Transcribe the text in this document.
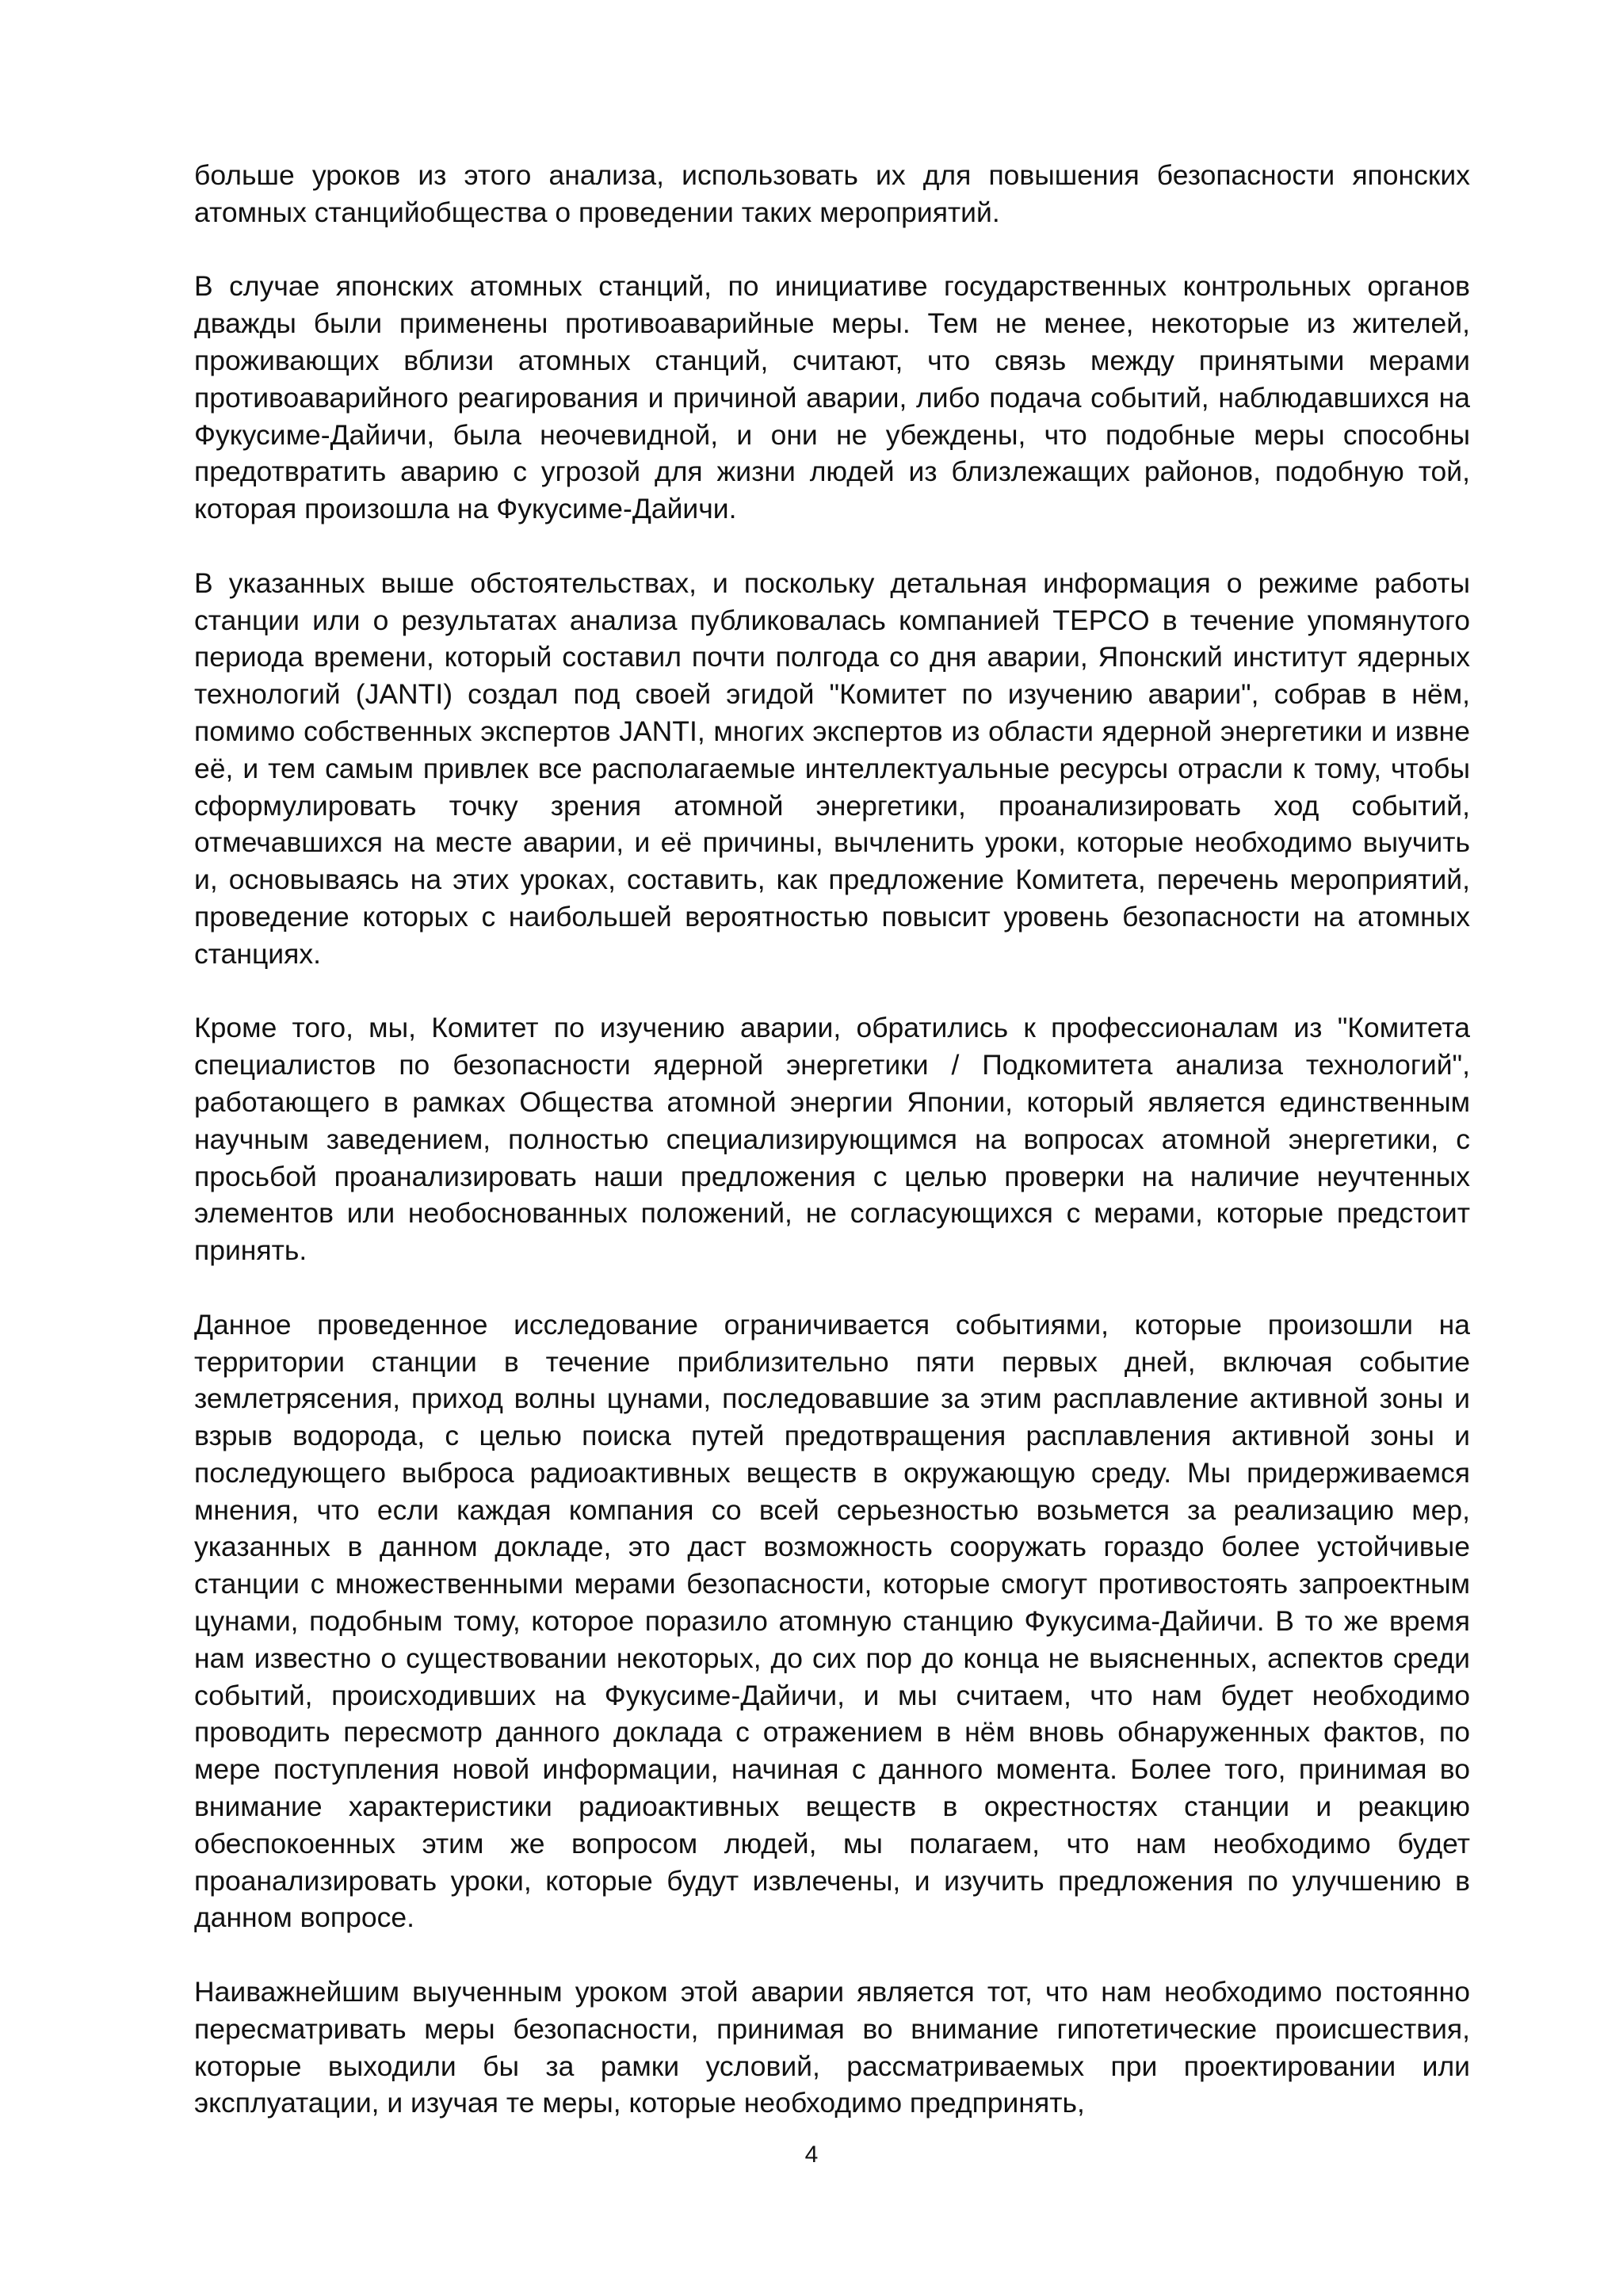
больше уроков из этого анализа, использовать их для повышения безопасности японских атомных станцийобщества о проведении таких мероприятий.

В случае японских атомных станций, по инициативе государственных контрольных органов дважды были применены противоаварийные меры. Тем не менее, некоторые из жителей, проживающих вблизи атомных станций, считают, что связь между принятыми мерами противоаварийного реагирования и причиной аварии, либо подача событий, наблюдавшихся на Фукусиме-Дайичи, была неочевидной, и они не убеждены, что подобные меры способны предотвратить аварию с угрозой для жизни людей из близлежащих районов, подобную той, которая произошла на Фукусиме-Дайичи.

В указанных выше обстоятельствах, и поскольку детальная информация о режиме работы станции или о результатах анализа публиковалась компанией TEPCO в течение упомянутого периода времени, который составил почти полгода со дня аварии, Японский институт ядерных технологий (JANTI) создал под своей эгидой "Комитет по изучению аварии", собрав в нём, помимо собственных экспертов JANTI, многих экспертов из области ядерной энергетики и извне её, и тем самым привлек все располагаемые интеллектуальные ресурсы отрасли к тому, чтобы сформулировать точку зрения атомной энергетики, проанализировать ход событий, отмечавшихся на месте аварии, и её причины, вычленить уроки, которые необходимо выучить и, основываясь на этих уроках, составить, как предложение Комитета, перечень мероприятий, проведение которых с наибольшей вероятностью повысит уровень безопасности на атомных станциях.

Кроме того, мы, Комитет по изучению аварии, обратились к профессионалам из "Комитета специалистов по безопасности ядерной энергетики / Подкомитета анализа технологий", работающего в рамках Общества атомной энергии Японии, который является единственным научным заведением, полностью специализирующимся на вопросах атомной энергетики, с просьбой проанализировать наши предложения с целью проверки на наличие неучтенных элементов или необоснованных положений, не согласующихся с мерами, которые предстоит принять.

Данное проведенное исследование ограничивается событиями, которые произошли на территории станции в течение приблизительно пяти первых дней, включая событие землетрясения, приход волны цунами, последовавшие за этим расплавление активной зоны и взрыв водорода, с целью поиска путей предотвращения расплавления активной зоны и последующего выброса радиоактивных веществ в окружающую среду. Мы придерживаемся мнения, что если каждая компания со всей серьезностью возьмется за реализацию мер, указанных в данном докладе, это даст возможность сооружать гораздо более устойчивые станции с множественными мерами безопасности, которые смогут противостоять запроектным цунами, подобным тому, которое поразило атомную станцию Фукусима-Дайичи. В то же время нам известно о существовании некоторых, до сих пор до конца не выясненных, аспектов среди событий, происходивших на Фукусиме-Дайичи, и мы считаем, что нам будет необходимо проводить пересмотр данного доклада с отражением в нём вновь обнаруженных фактов, по мере поступления новой информации, начиная с данного момента. Более того, принимая во внимание характеристики радиоактивных веществ в окрестностях станции и реакцию обеспокоенных этим же вопросом людей, мы полагаем, что нам необходимо будет проанализировать уроки, которые будут извлечены, и изучить предложения по улучшению в данном вопросе.

Наиважнейшим выученным уроком этой аварии является тот, что нам необходимо постоянно пересматривать меры безопасности, принимая во внимание гипотетические происшествия, которые выходили бы за рамки условий, рассматриваемых при проектировании или эксплуатации, и изучая те меры, которые необходимо предпринять,

4
